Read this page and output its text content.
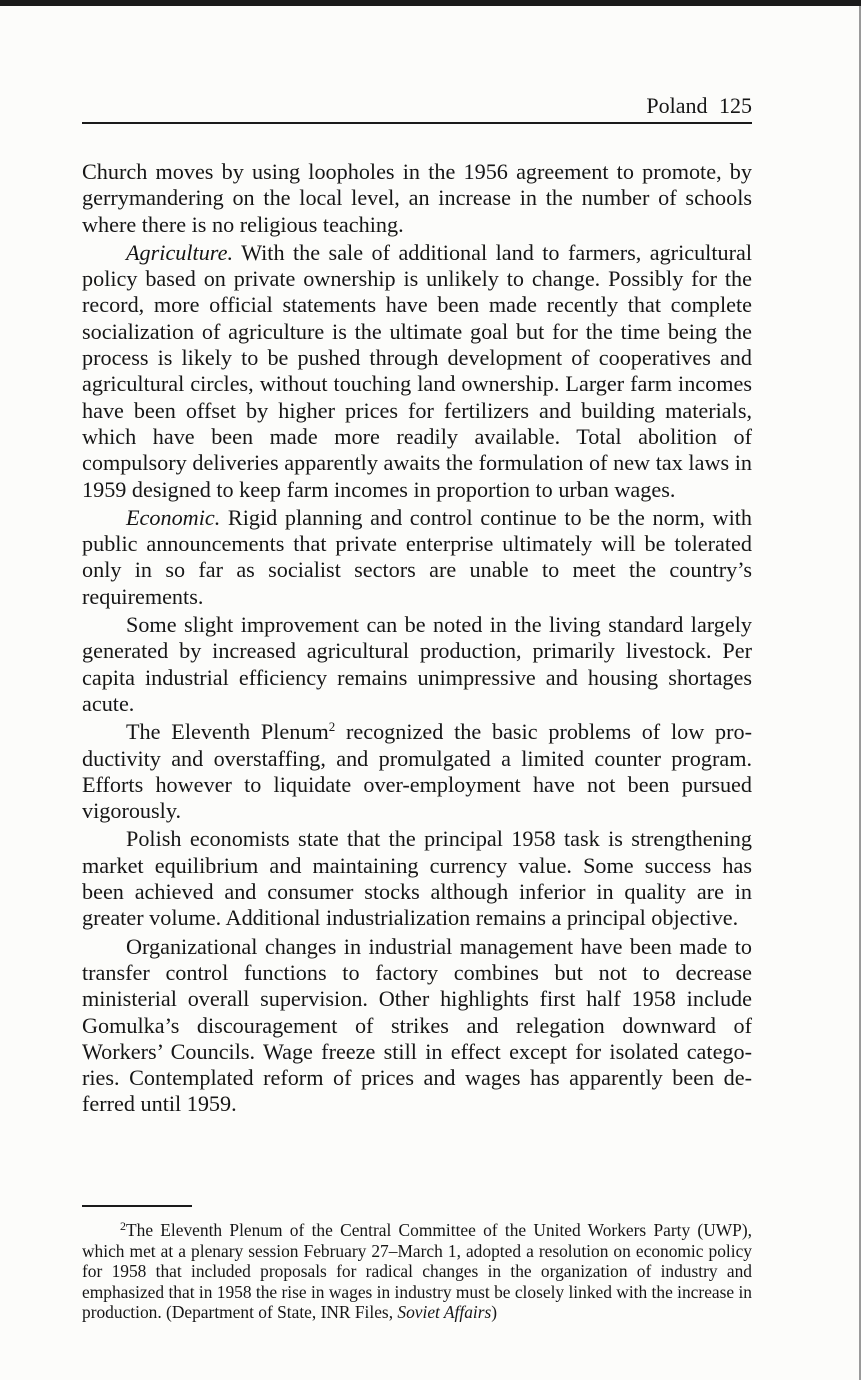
Poland 125

Church moves by using loopholes in the 1956 agreement to promote, by gerrymandering on the local level, an increase in the number of schools where there is no religious teaching.

Agriculture. With the sale of additional land to farmers, agricultural policy based on private ownership is unlikely to change. Possibly for the record, more official statements have been made recently that complete socialization of agriculture is the ultimate goal but for the time being the process is likely to be pushed through development of cooperatives and agricultural circles, without touching land ownership. Larger farm incomes have been offset by higher prices for fertilizers and building materials, which have been made more readily available. Total abolition of compulsory deliveries apparently awaits the formulation of new tax laws in 1959 designed to keep farm incomes in proportion to urban wages.

Economic. Rigid planning and control continue to be the norm, with public announcements that private enterprise ultimately will be tolerated only in so far as socialist sectors are unable to meet the country’s requirements.

Some slight improvement can be noted in the living standard largely generated by increased agricultural production, primarily livestock. Per capita industrial efficiency remains unimpressive and housing shortages acute.

The Eleventh Plenum$^2$ recognized the basic problems of low productivity and overstaffing, and promulgated a limited counter program. Efforts however to liquidate over-employment have not been pursued vigorously.

Polish economists state that the principal 1958 task is strengthening market equilibrium and maintaining currency value. Some success has been achieved and consumer stocks although inferior in quality are in greater volume. Additional industrialization remains a principal objective.

Organizational changes in industrial management have been made to transfer control functions to factory combines but not to decrease ministerial overall supervision. Other highlights first half 1958 include Gomulka’s discouragement of strikes and relegation downward of Workers’ Councils. Wage freeze still in effect except for isolated categories. Contemplated reform of prices and wages has apparently been deferred until 1959.

$^2$The Eleventh Plenum of the Central Committee of the United Workers Party (UWP), which met at a plenary session February 27–March 1, adopted a resolution on economic policy for 1958 that included proposals for radical changes in the organization of industry and emphasized that in 1958 the rise in wages in industry must be closely linked with the increase in production. (Department of State, INR Files, Soviet Affairs)
